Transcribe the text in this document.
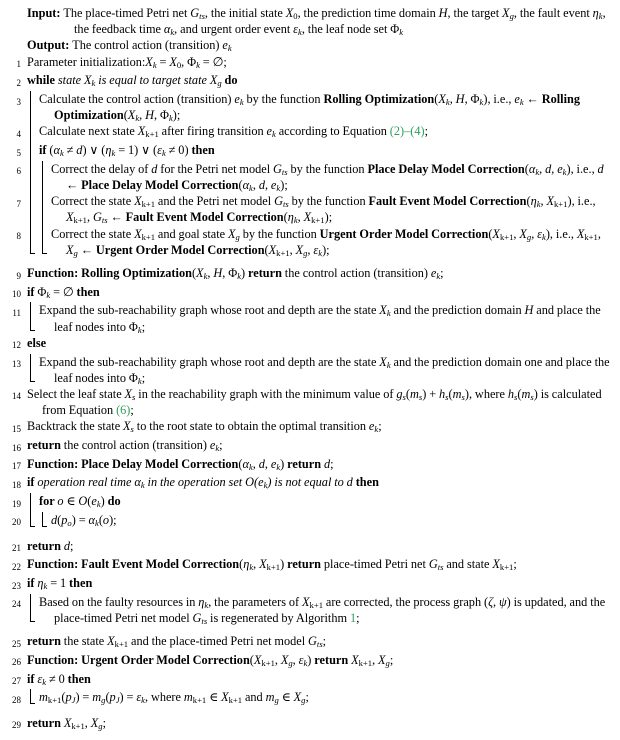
Input: The place-timed Petri net $G_{ts}$, the initial state X0, the prediction time domain H, the target $X_g$, the fault event $\eta_k$, the feedback time $\alpha_k$, and urgent order event $\varepsilon_k$, the leaf node set $\Phi_k$
Output: The control action (transition) $e_k$
1 Parameter $initialization:X_k = X0$, $\Phi_k$ = ∅;
2 while state $X_k$ is equal to target state $X_g$ do
3 Calculate the control action (transition) $e_k$ by the function Rolling $Optimization(X_k$, H, $\Phi_k$), i.e., $e_k$ ← Rolling $Optimization(X_k$, H, $\Phi_k$);
4 Calculate next state Xk+1 after firing transition $e_k$ according to Equation (2)–(4);
5 if $(\alpha_k \ne d)$ ∨ $(\eta_k = 1)$ ∨ $(\varepsilon_k \ne 0)$ then
6 Correct the delay of d for the Petri net model $G_{ts}$ by the function Place Delay Model $Correction(\alpha_k$, d, $e_k$), i.e., d ← Place Delay Model $Correction(\alpha_k$, d, $e_k$);
7 Correct the state Xk+1 and the Petri net model $G_{ts}$ by the function Fault Event Model $Correction(\eta_k$, Xk+1), i.e., Xk+1, $G_{ts}$ ← Fault Event Model $Correction(\eta_k$, Xk+1);
8 Correct the state Xk+1 and goal state $X_g$ by the function Urgent Order Model Correction(Xk+1, $X_g$, $\varepsilon_k$), i.e., Xk+1, $X_g$ ← Urgent Order Model Correction(Xk+1, $X_g$, $\varepsilon_k$);
9 Function: Rolling $Optimization(X_k$, H, $\Phi_k$) return the control action (transition) $e_k$;
10 if $\Phi_k$ = ∅ then
11 Expand the sub-reachability graph whose root and depth are the state $X_k$ and the prediction domain H and place the leaf nodes into $\Phi_k$;
12 else
13 Expand the sub-reachability graph whose root and depth are the state $X_k$ and the prediction domain one and place the leaf nodes into $\Phi_k$;
14 Select the leaf state $X_s$ in the reachability graph with the minimum value of $g_s(m_s) + h_s(m_s)$, where $h_s(m_s)$ is calculated from Equation (6);
15 Backtrack the state $X_s$ to the root state to obtain the optimal transition $e_k$;
16 return the control action (transition) $e_k$;
17 Function: Place Delay Model $Correction(\alpha_k$, d, $e_k$) return d;
18 if operation real time $\alpha_k$ in the operation set $O(e_k)$ is not equal to d then
19 for o ∈ $O(e_k)$ do
20 $d(p_o) = \alpha_k(o)$;
21 return d;
22 Function: Fault Event Model $Correction(\eta_k$, Xk+1) return place-timed Petri net $G_{ts}$ and state Xk+1;
23 if $\eta_k = 1$ then
24 Based on the faulty resources in $\eta_k$, the parameters of Xk+1 are corrected, the process graph (ζ, ψ) is updated, and the place-timed Petri net model $G_{ts}$ is regenerated by Algorithm 1;
25 return the state Xk+1 and the place-timed Petri net model $G_{ts}$;
26 Function: Urgent Order Model Correction(Xk+1, $X_g$, $\varepsilon_k$) return Xk+1, $X_g$;
27 if $\varepsilon_k \ne 0$ then
28 $mk+1(p_J) = m_g(p_J) = \varepsilon_k$, where mk+1 ∈ Xk+1 and $m_g$ ∈ $X_g$;
29 return Xk+1, $X_g$;
